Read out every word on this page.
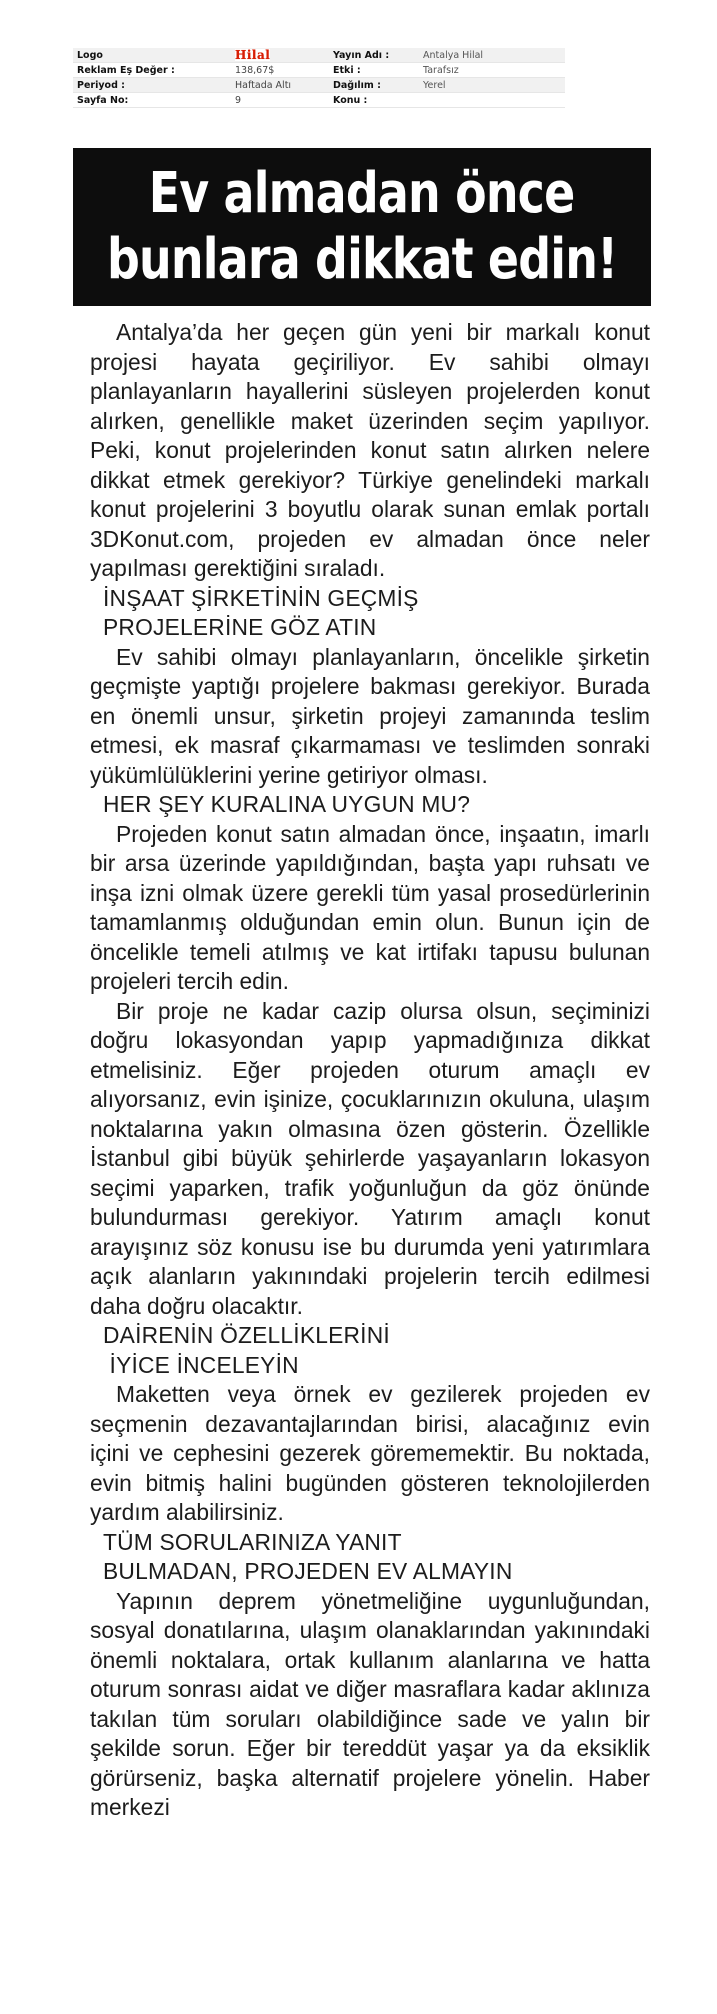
Logo	Hilal	Yayın Adı :	Antalya Hilal
Reklam Eş Değer :	138,67$	Etki :	Tarafsız
Periyod :	Haftada Altı	Dağılım :	Yerel
Sayfa No:	9	Konu :	
Ev almadan önce
bunlara dikkat edin!

Antalya’da her geçen gün yeni bir markalı konut projesi hayata geçiriliyor. Ev sahibi olmayı planlayanların hayallerini süsleyen projelerden konut alırken, genellikle maket üzerinden seçim yapılıyor. Peki, konut projelerinden konut satın alırken nelere dikkat etmek gerekiyor? Türkiye genelindeki markalı konut projelerini 3 boyutlu olarak sunan emlak portalı 3DKonut.com, projeden ev almadan önce neler yapılması gerektiğini sıraladı.

İNŞAAT ŞİRKETİNİN GEÇMİŞ
PROJELERİNE GÖZ ATIN

Ev sahibi olmayı planlayanların, öncelikle şirketin geçmişte yaptığı projelere bakması gerekiyor. Burada en önemli unsur, şirketin projeyi zamanında teslim etmesi, ek masraf çıkarmaması ve teslimden sonraki yükümlülüklerini yerine getiriyor olması.

HER ŞEY KURALINA UYGUN MU?

Projeden konut satın almadan önce, inşaatın, imarlı bir arsa üzerinde yapıldığından, başta yapı ruhsatı ve inşa izni olmak üzere gerekli tüm yasal prosedürlerinin tamamlanmış olduğundan emin olun. Bunun için de öncelikle temeli atılmış ve kat irtifakı tapusu bulunan projeleri tercih edin.

Bir proje ne kadar cazip olursa olsun, seçiminizi doğru lokasyondan yapıp yapmadığınıza dikkat etmelisiniz. Eğer projeden oturum amaçlı ev alıyorsanız, evin işinize, çocuklarınızın okuluna, ulaşım noktalarına yakın olmasına özen gösterin. Özellikle İstanbul gibi büyük şehirlerde yaşayanların lokasyon seçimi yaparken, trafik yoğunluğun da göz önünde bulundurması gerekiyor. Yatırım amaçlı konut arayışınız söz konusu ise bu durumda yeni yatırımlara açık alanların yakınındaki projelerin tercih edilmesi daha doğru olacaktır.

DAİRENİN ÖZELLİKLERİNİ
İYİCE İNCELEYİN

Maketten veya örnek ev gezilerek projeden ev seçmenin dezavantajlarından birisi, alacağınız evin içini ve cephesini gezerek görememektir. Bu noktada, evin bitmiş halini bugünden gösteren teknolojilerden yardım alabilirsiniz.

TÜM SORULARINIZA YANIT
BULMADAN, PROJEDEN EV ALMAYIN

Yapının deprem yönetmeliğine uygunluğundan, sosyal donatılarına, ulaşım olanaklarından yakınındaki önemli noktalara, ortak kullanım alanlarına ve hatta oturum sonrası aidat ve diğer masraflara kadar aklınıza takılan tüm soruları olabildiğince sade ve yalın bir şekilde sorun. Eğer bir tereddüt yaşar ya da eksiklik görürseniz, başka alternatif projelere yönelin. Haber merkezi
